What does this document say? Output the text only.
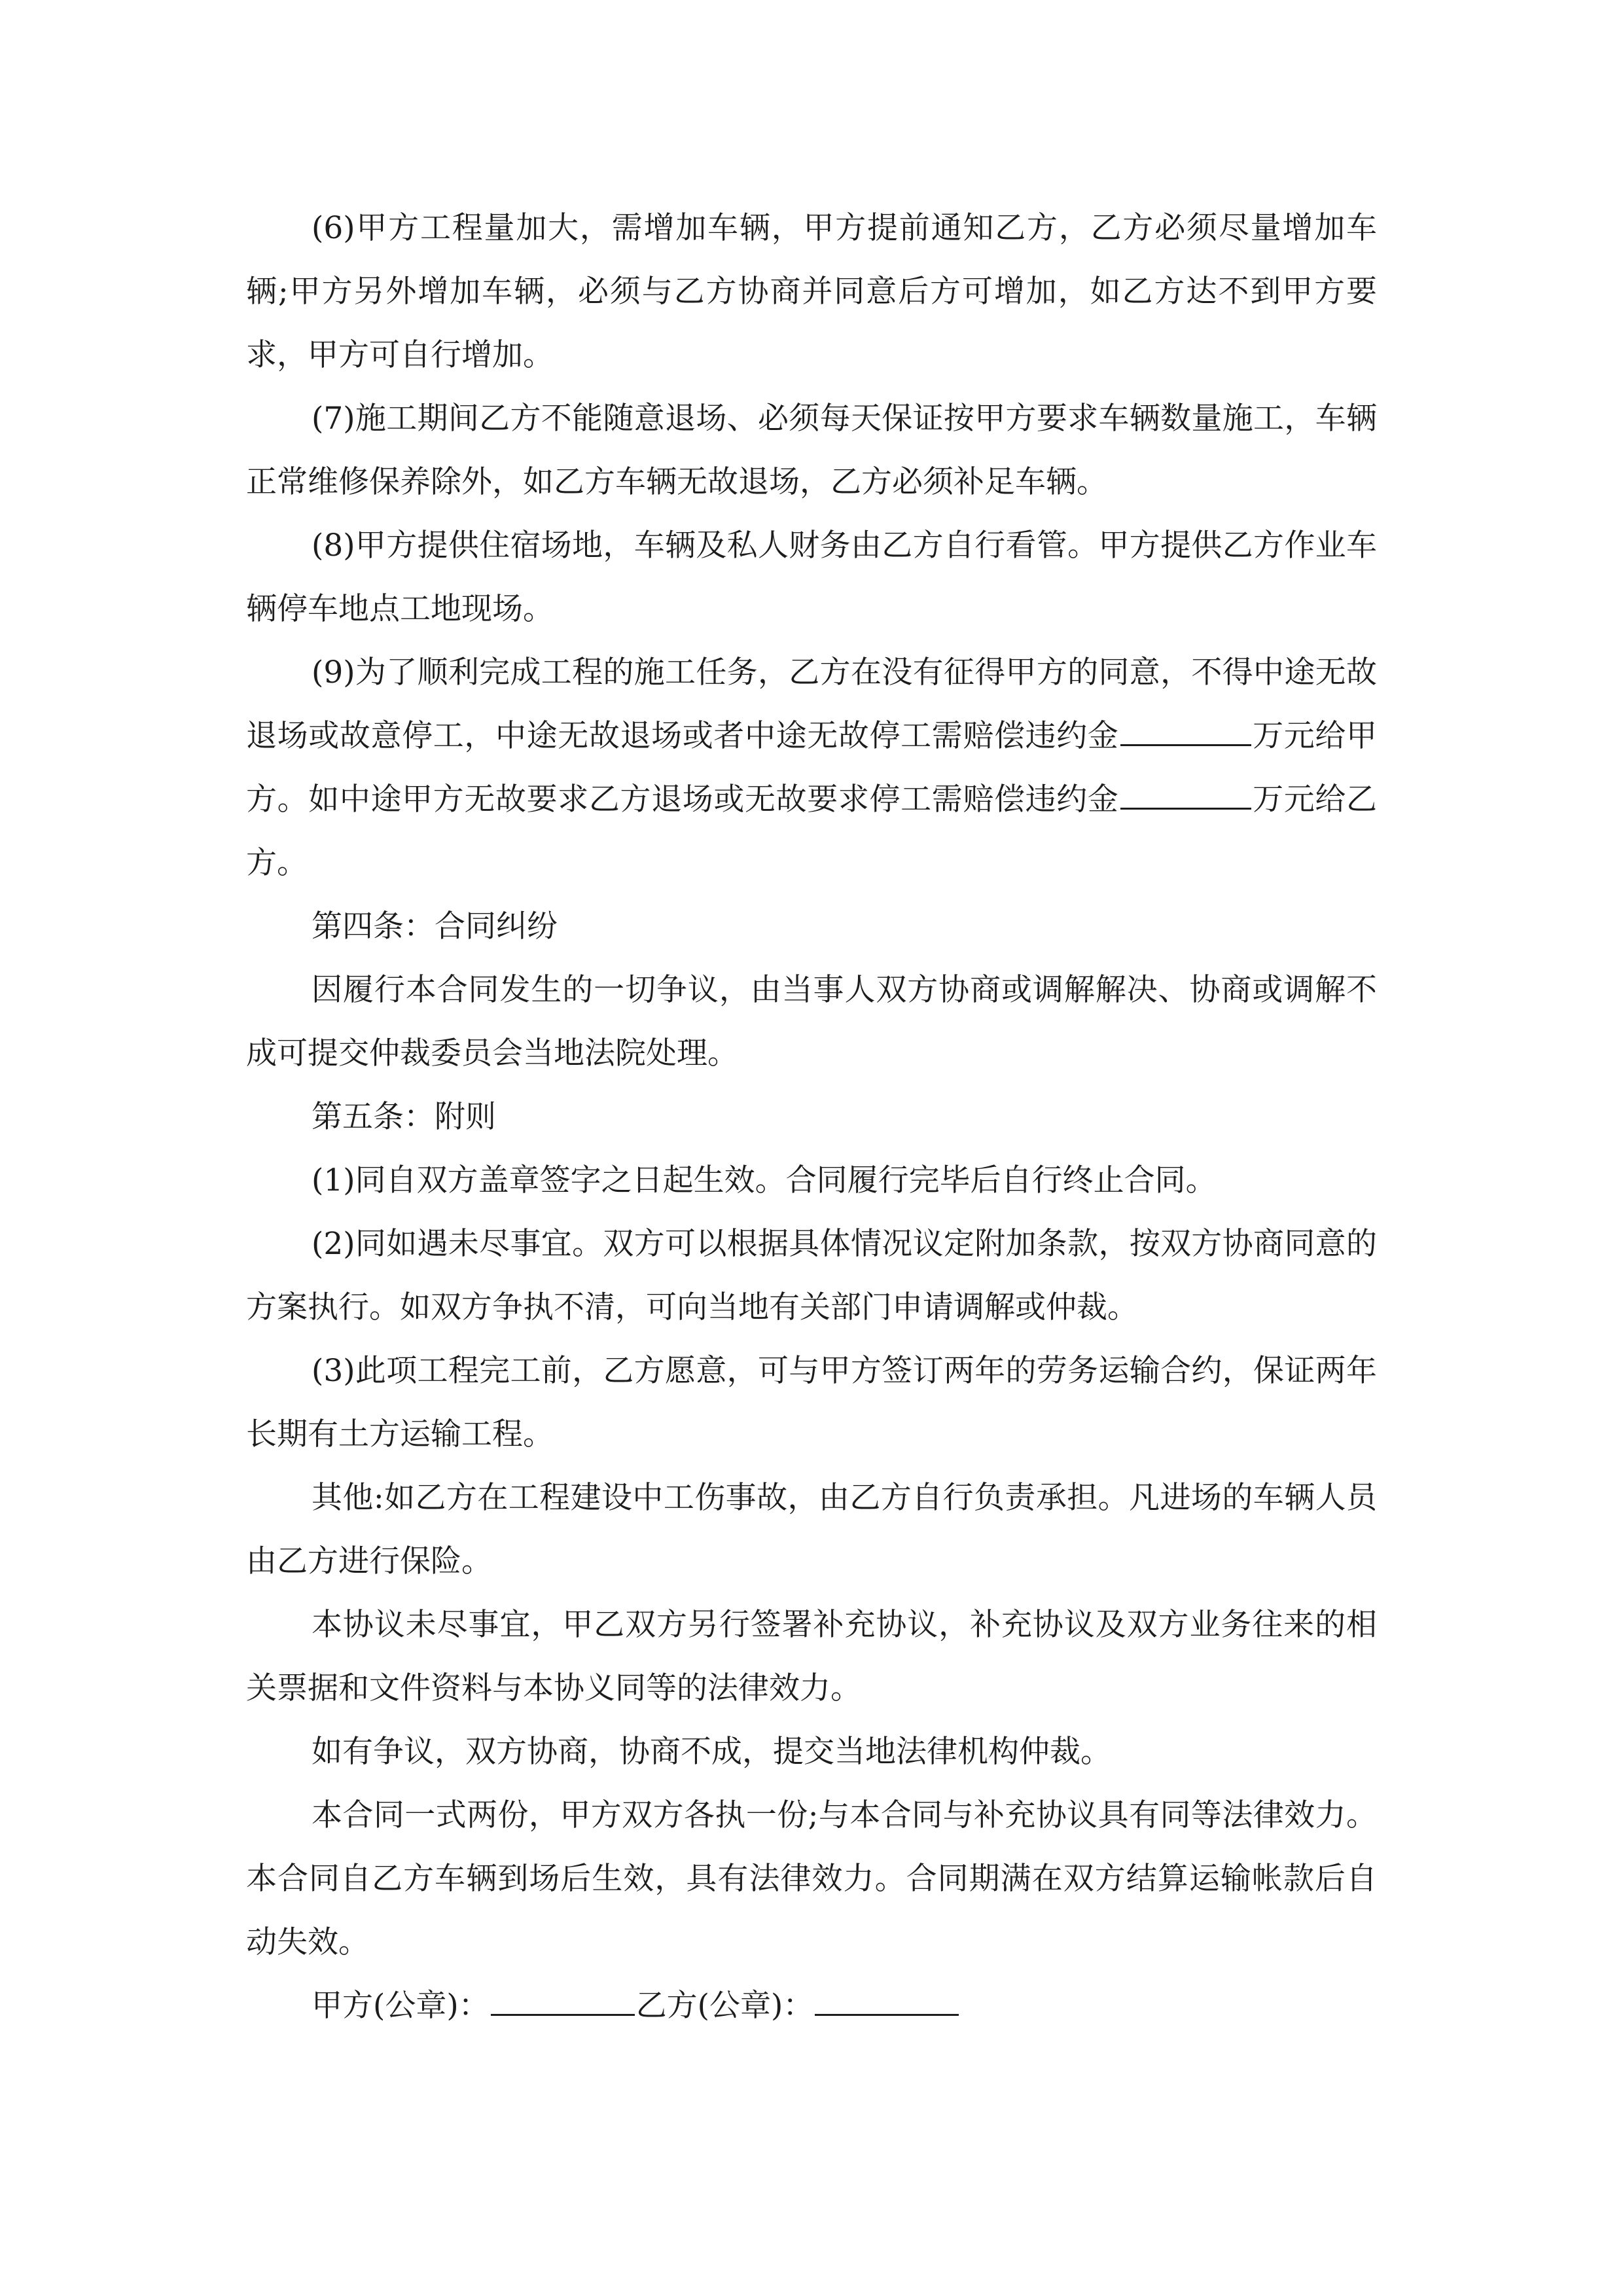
(6)甲方工程量加大，需增加车辆，甲方提前通知乙方，乙方必须尽量增加车辆;甲方另外增加车辆，必须与乙方协商并同意后方可增加，如乙方达不到甲方要求，甲方可自行增加。

(7)施工期间乙方不能随意退场、必须每天保证按甲方要求车辆数量施工，车辆正常维修保养除外，如乙方车辆无故退场，乙方必须补足车辆。

(8)甲方提供住宿场地，车辆及私人财务由乙方自行看管。甲方提供乙方作业车辆停车地点工地现场。

(9)为了顺利完成工程的施工任务，乙方在没有征得甲方的同意，不得中途无故退场或故意停工，中途无故退场或者中途无故停工需赔偿违约金	万元给甲方。如中途甲方无故要求乙方退场或无故要求停工需赔偿违约金	万元给乙方。

第四条：合同纠纷

因履行本合同发生的一切争议，由当事人双方协商或调解解决、协商或调解不成可提交仲裁委员会当地法院处理。

第五条：附则

(1)同自双方盖章签字之日起生效。合同履行完毕后自行终止合同。

(2)同如遇未尽事宜。双方可以根据具体情况议定附加条款，按双方协商同意的方案执行。如双方争执不清，可向当地有关部门申请调解或仲裁。

(3)此项工程完工前，乙方愿意，可与甲方签订两年的劳务运输合约，保证两年长期有土方运输工程。

其他:如乙方在工程建设中工伤事故，由乙方自行负责承担。凡进场的车辆人员由乙方进行保险。

本协议未尽事宜，甲乙双方另行签署补充协议，补充协议及双方业务往来的相关票据和文件资料与本协义同等的法律效力。

如有争议，双方协商，协商不成，提交当地法律机构仲裁。

本合同一式两份，甲方双方各执一份;与本合同与补充协议具有同等法律效力。本合同自乙方车辆到场后生效，具有法律效力。合同期满在双方结算运输帐款后自动失效。

甲方(公章)：	乙方(公章)：
